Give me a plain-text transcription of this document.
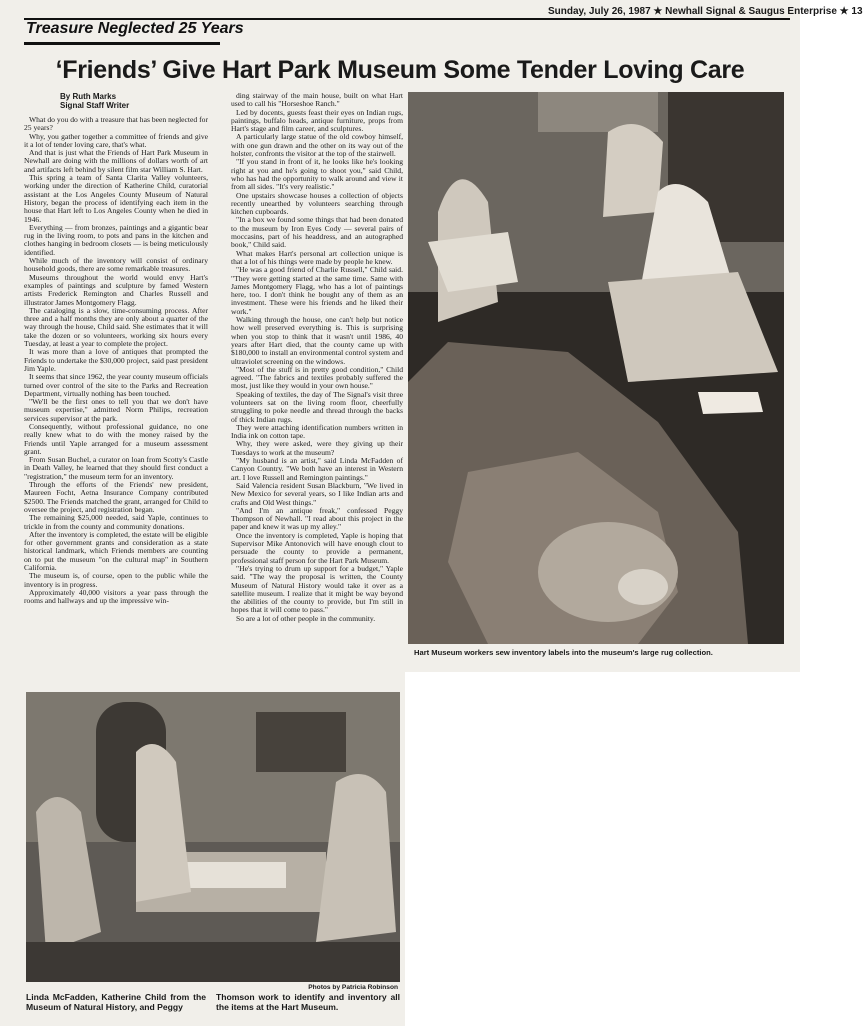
Sunday, July 26, 1987 ★ Newhall Signal & Saugus Enterprise ★ 13
Treasure Neglected 25 Years
‘Friends’ Give Hart Park Museum Some Tender Loving Care
By Ruth Marks
Signal Staff Writer

What do you do with a treasure that has been neglected for 25 years?

Why, you gather together a committee of friends and give it a lot of tender loving care, that's what.

And that is just what the Friends of Hart Park Museum in Newhall are doing with the millions of dollars worth of art and artifacts left behind by silent film star William S. Hart.

This spring a team of Santa Clarita Valley volunteers, working under the direction of Katherine Child, curatorial assistant at the Los Angeles County Museum of Natural History, began the process of identifying each item in the house that Hart left to Los Angeles County when he died in 1946.

Everything — from bronzes, paintings and a gigantic bear rug in the living room, to pots and pans in the kitchen and clothes hanging in bedroom closets — is being meticulously identified.

While much of the inventory will consist of ordinary household goods, there are some remarkable treasures.

Museums throughout the world would envy Hart's examples of paintings and sculpture by famed Western artists Frederick Remington and Charles Russell and illustrator James Montgomery Flagg.

The cataloging is a slow, time-consuming process. After three and a half months they are only about a quarter of the way through the house, Child said. She estimates that it will take the dozen or so volunteers, working six hours every Tuesday, at least a year to complete the project.

It was more than a love of antiques that prompted the Friends to undertake the $30,000 project, said past president Jim Yaple.

It seems that since 1962, the year county museum officials turned over control of the site to the Parks and Recreation Department, virtually nothing has been touched.

"We'll be the first ones to tell you that we don't have museum expertise," admitted Norm Philips, recreation services supervisor at the park.

Consequently, without professional guidance, no one really knew what to do with the money raised by the Friends until Yaple arranged for a museum assessment grant.

From Susan Buchel, a curator on loan from Scotty's Castle in Death Valley, he learned that they should first conduct a "registration," the museum term for an inventory.

Through the efforts of the Friends' new president, Maureen Focht, Aetna Insurance Company contributed $2500. The Friends matched the grant, arranged for Child to oversee the project, and registration began.

The remaining $25,000 needed, said Yaple, continues to trickle in from the county and community donations.

After the inventory is completed, the estate will be eligible for other government grants and consideration as a state historical landmark, which Friends members are counting on to put the museum "on the cultural map" in Southern California.

The museum is, of course, open to the public while the inventory is in progress.

Approximately 40,000 visitors a year pass through the rooms and hallways and up the impressive win-

ding stairway of the main house, built on what Hart used to call his "Horseshoe Ranch."

Led by docents, guests feast their eyes on Indian rugs, paintings, buffalo heads, antique furniture, props from Hart's stage and film career, and sculptures.

A particularly large statue of the old cowboy himself, with one gun drawn and the other on its way out of the holster, confronts the visitor at the top of the stairwell.

"If you stand in front of it, he looks like he's looking right at you and he's going to shoot you," said Child, who has had the opportunity to walk around and view it from all sides. "It's very realistic."

One upstairs showcase houses a collection of objects recently unearthed by volunteers searching through kitchen cupboards.

"In a box we found some things that had been donated to the museum by Iron Eyes Cody — several pairs of moccasins, part of his headdress, and an autographed book," Child said.

What makes Hart's personal art collection unique is that a lot of his things were made by people he knew.

"He was a good friend of Charlie Russell," Child said. "They were getting started at the same time. Same with James Montgomery Flagg, who has a lot of paintings here, too. I don't think he bought any of them as an investment. These were his friends and he liked their work."

Walking through the house, one can't help but notice how well preserved everything is. This is surprising when you stop to think that it wasn't until 1986, 40 years after Hart died, that the county came up with $180,000 to install an environmental control system and ultraviolet screening on the windows.

"Most of the stuff is in pretty good condition," Child agreed. "The fabrics and textiles probably suffered the most, just like they would in your own house."

Speaking of textiles, the day of The Signal's visit three volunteers sat on the living room floor, cheerfully struggling to poke needle and thread through the backs of thick Indian rugs.

They were attaching identification numbers written in India ink on cotton tape.

Why, they were asked, were they giving up their Tuesdays to work at the museum?

"My husband is an artist," said Linda McFadden of Canyon Country. "We both have an interest in Western art. I love Russell and Remington paintings."

Said Valencia resident Susan Blackburn, "We lived in New Mexico for several years, so I like Indian arts and crafts and Old West things."

"And I'm an antique freak," confessed Peggy Thompson of Newhall. "I read about this project in the paper and knew it was up my alley."

Once the inventory is completed, Yaple is hoping that Supervisor Mike Antonovich will have enough clout to persuade the county to provide a permanent, professional staff person for the Hart Park Museum.

"He's trying to drum up support for a budget," Yaple said. "The way the proposal is written, the County Museum of Natural History would take it over as a satellite museum. I realize that it might be way beyond the abilities of the county to provide, but I'm still in hopes that it will come to pass."

So are a lot of other people in the community.

Hart Museum workers sew inventory labels into the museum's large rug collection.
Photos by Patricia Robinson
Linda McFadden, Katherine Child from the Museum of Natural History, and Peggy
Thomson work to identify and inventory all the items at the Hart Museum.
